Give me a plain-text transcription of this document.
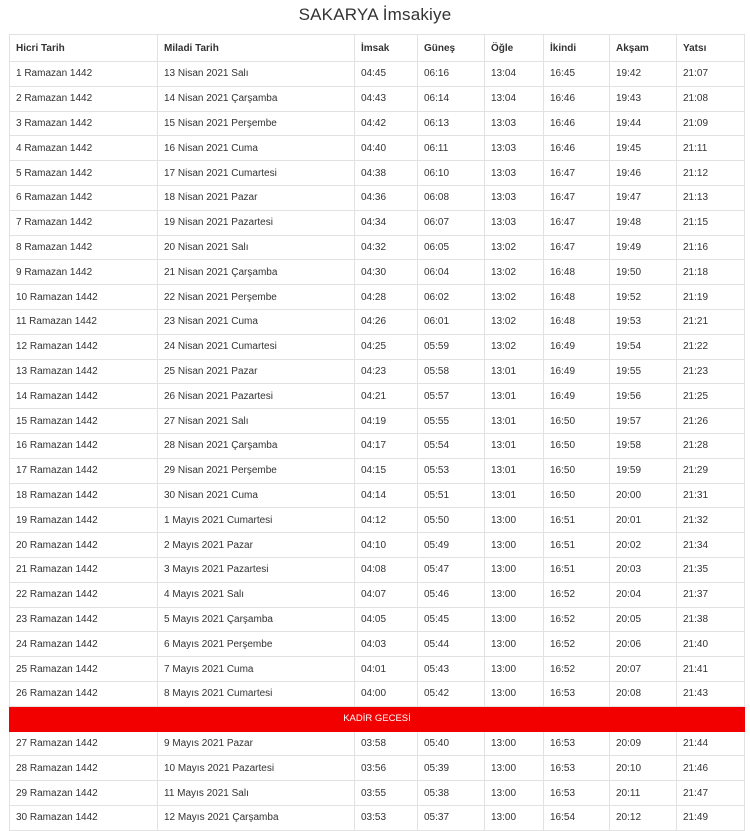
SAKARYA İmsakiye
Hicri Tarih	Miladi Tarih	İmsak	Güneş	Öğle	İkindi	Akşam	Yatsı
1 Ramazan 1442	13 Nisan 2021 Salı	04:45	06:16	13:04	16:45	19:42	21:07
2 Ramazan 1442	14 Nisan 2021 Çarşamba	04:43	06:14	13:04	16:46	19:43	21:08
3 Ramazan 1442	15 Nisan 2021 Perşembe	04:42	06:13	13:03	16:46	19:44	21:09
4 Ramazan 1442	16 Nisan 2021 Cuma	04:40	06:11	13:03	16:46	19:45	21:11
5 Ramazan 1442	17 Nisan 2021 Cumartesi	04:38	06:10	13:03	16:47	19:46	21:12
6 Ramazan 1442	18 Nisan 2021 Pazar	04:36	06:08	13:03	16:47	19:47	21:13
7 Ramazan 1442	19 Nisan 2021 Pazartesi	04:34	06:07	13:03	16:47	19:48	21:15
8 Ramazan 1442	20 Nisan 2021 Salı	04:32	06:05	13:02	16:47	19:49	21:16
9 Ramazan 1442	21 Nisan 2021 Çarşamba	04:30	06:04	13:02	16:48	19:50	21:18
10 Ramazan 1442	22 Nisan 2021 Perşembe	04:28	06:02	13:02	16:48	19:52	21:19
11 Ramazan 1442	23 Nisan 2021 Cuma	04:26	06:01	13:02	16:48	19:53	21:21
12 Ramazan 1442	24 Nisan 2021 Cumartesi	04:25	05:59	13:02	16:49	19:54	21:22
13 Ramazan 1442	25 Nisan 2021 Pazar	04:23	05:58	13:01	16:49	19:55	21:23
14 Ramazan 1442	26 Nisan 2021 Pazartesi	04:21	05:57	13:01	16:49	19:56	21:25
15 Ramazan 1442	27 Nisan 2021 Salı	04:19	05:55	13:01	16:50	19:57	21:26
16 Ramazan 1442	28 Nisan 2021 Çarşamba	04:17	05:54	13:01	16:50	19:58	21:28
17 Ramazan 1442	29 Nisan 2021 Perşembe	04:15	05:53	13:01	16:50	19:59	21:29
18 Ramazan 1442	30 Nisan 2021 Cuma	04:14	05:51	13:01	16:50	20:00	21:31
19 Ramazan 1442	1 Mayıs 2021 Cumartesi	04:12	05:50	13:00	16:51	20:01	21:32
20 Ramazan 1442	2 Mayıs 2021 Pazar	04:10	05:49	13:00	16:51	20:02	21:34
21 Ramazan 1442	3 Mayıs 2021 Pazartesi	04:08	05:47	13:00	16:51	20:03	21:35
22 Ramazan 1442	4 Mayıs 2021 Salı	04:07	05:46	13:00	16:52	20:04	21:37
23 Ramazan 1442	5 Mayıs 2021 Çarşamba	04:05	05:45	13:00	16:52	20:05	21:38
24 Ramazan 1442	6 Mayıs 2021 Perşembe	04:03	05:44	13:00	16:52	20:06	21:40
25 Ramazan 1442	7 Mayıs 2021 Cuma	04:01	05:43	13:00	16:52	20:07	21:41
26 Ramazan 1442	8 Mayıs 2021 Cumartesi	04:00	05:42	13:00	16:53	20:08	21:43
KADİR GECESİ							
27 Ramazan 1442	9 Mayıs 2021 Pazar	03:58	05:40	13:00	16:53	20:09	21:44
28 Ramazan 1442	10 Mayıs 2021 Pazartesi	03:56	05:39	13:00	16:53	20:10	21:46
29 Ramazan 1442	11 Mayıs 2021 Salı	03:55	05:38	13:00	16:53	20:11	21:47
30 Ramazan 1442	12 Mayıs 2021 Çarşamba	03:53	05:37	13:00	16:54	20:12	21:49
